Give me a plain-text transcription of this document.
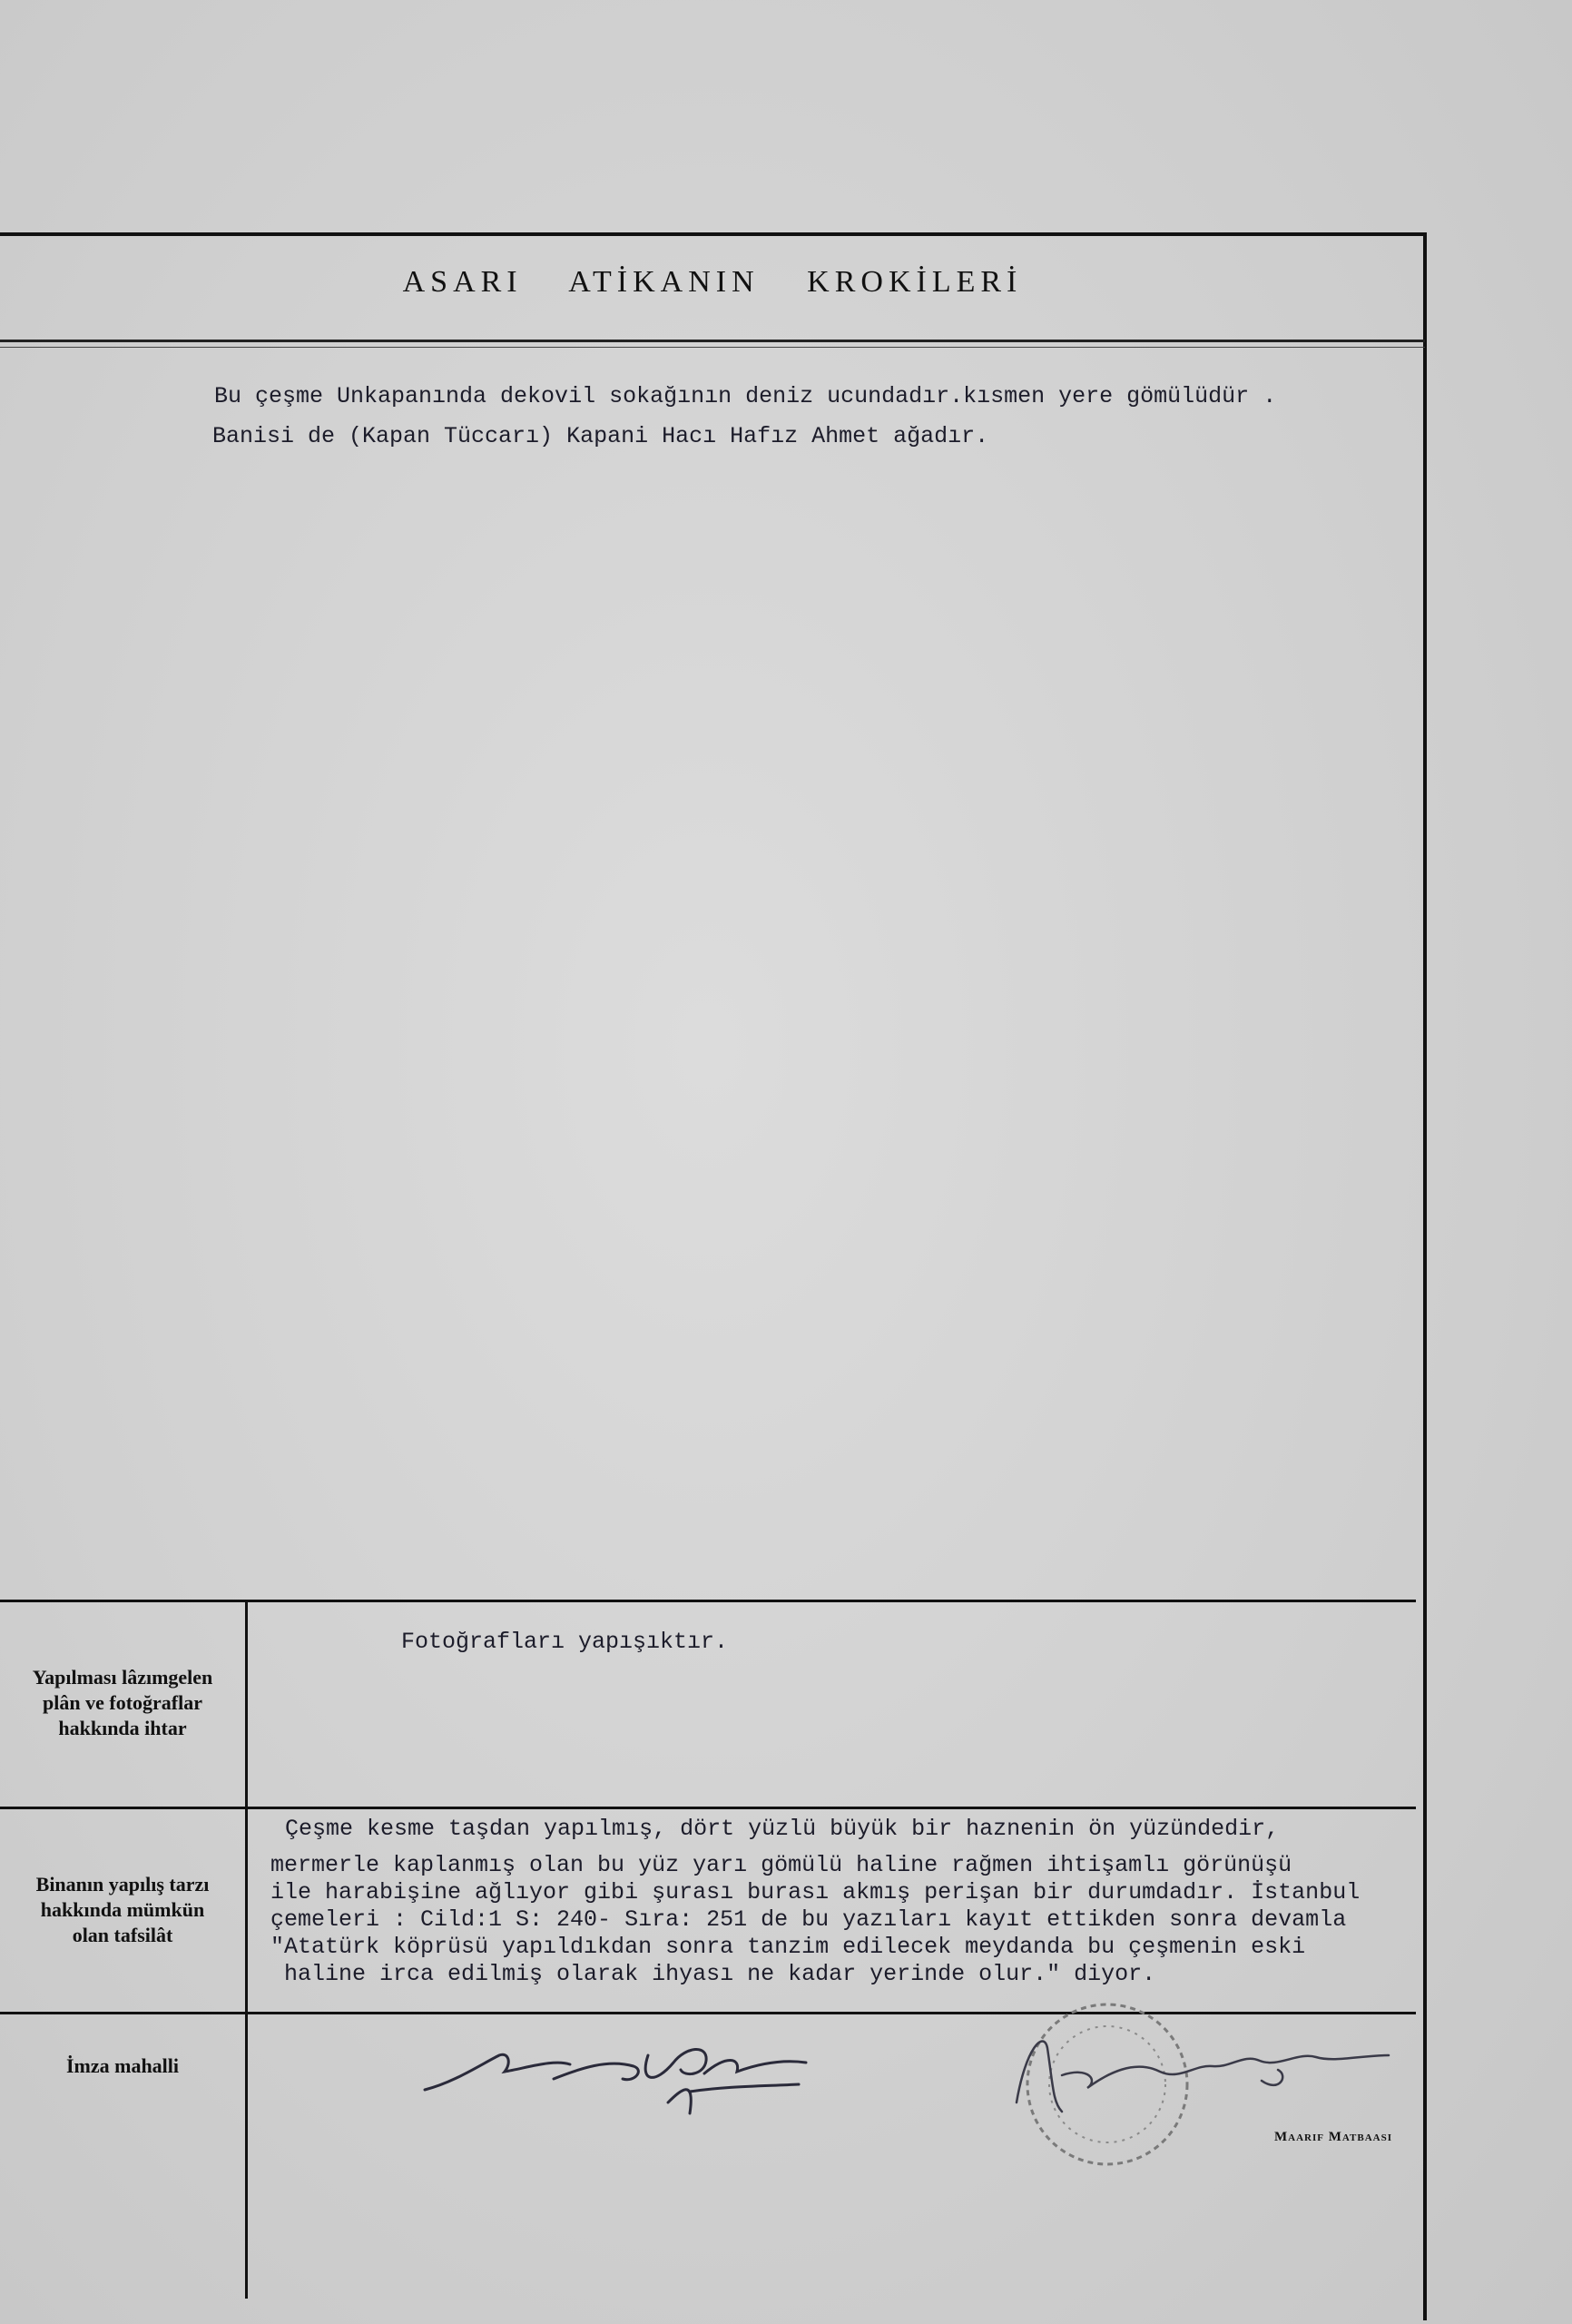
ASARI ATİKANIN KROKİLERİ
Bu çeşme Unkapanında dekovil sokağının deniz ucundadır.kısmen yere gömülüdür .
Banisi de (Kapan Tüccarı) Kapani Hacı Hafız Ahmet ağadır.
Yapılması lâzımgelen
plân ve fotoğraflar
hakkında ihtar
Fotoğrafları yapışıktır.
Binanın yapılış tarzı
hakkında mümkün
olan tafsilât
Çeşme kesme taşdan yapılmış, dört yüzlü büyük bir haznenin ön yüzündedir,
mermerle kaplanmış olan bu yüz yarı gömülü haline rağmen ihtişamlı görünüşü
ile harabişine ağlıyor gibi şurası burası akmış perişan bir durumdadır. İstanbul
çemeleri : Cild:1 S: 240- Sıra: 251 de bu yazıları kayıt ettikden sonra devamla
"Atatürk köprüsü yapıldıkdan sonra tanzim edilecek meydanda bu çeşmenin eski
haline irca edilmiş olarak ihyası ne kadar yerinde olur." diyor.
İmza mahalli
Maarif Matbaası
